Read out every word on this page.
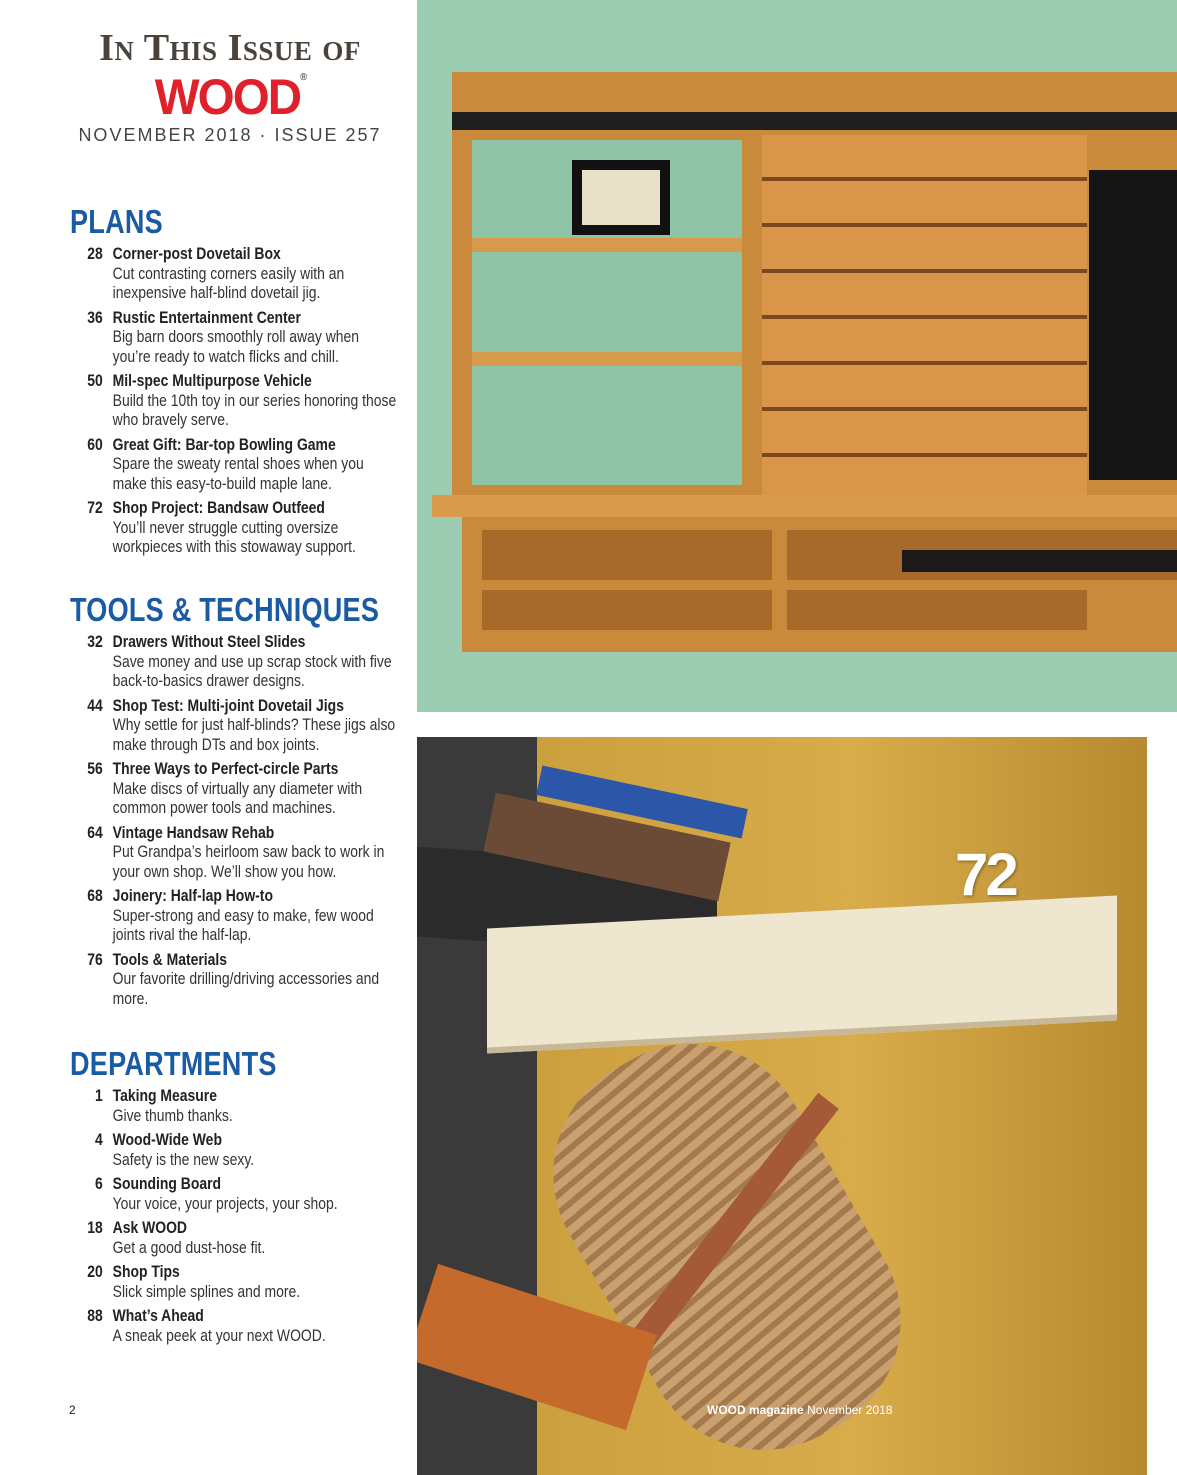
In This Issue of
WOOD®
NOVEMBER 2018 · ISSUE 257
PLANS
28 Corner-post Dovetail Box
Cut contrasting corners easily with an inexpensive half-blind dovetail jig.
36 Rustic Entertainment Center
Big barn doors smoothly roll away when you’re ready to watch flicks and chill.
50 Mil-spec Multipurpose Vehicle
Build the 10th toy in our series honoring those who bravely serve.
60 Great Gift: Bar-top Bowling Game
Spare the sweaty rental shoes when you make this easy-to-build maple lane.
72 Shop Project: Bandsaw Outfeed
You’ll never struggle cutting oversize workpieces with this stowaway support.
TOOLS & TECHNIQUES
32 Drawers Without Steel Slides
Save money and use up scrap stock with five back-to-basics drawer designs.
44 Shop Test: Multi-joint Dovetail Jigs
Why settle for just half-blinds? These jigs also make through DTs and box joints.
56 Three Ways to Perfect-circle Parts
Make discs of virtually any diameter with common power tools and machines.
64 Vintage Handsaw Rehab
Put Grandpa’s heirloom saw back to work in your own shop. We’ll show you how.
68 Joinery: Half-lap How-to
Super-strong and easy to make, few wood joints rival the half-lap.
76 Tools & Materials
Our favorite drilling/driving accessories and more.
DEPARTMENTS
1 Taking Measure
Give thumb thanks.
4 Wood-Wide Web
Safety is the new sexy.
6 Sounding Board
Your voice, your projects, your shop.
18 Ask WOOD
Get a good dust-hose fit.
20 Shop Tips
Slick simple splines and more.
88 What’s Ahead
A sneak peek at your next WOOD.
2
72
WOOD magazine November 2018
